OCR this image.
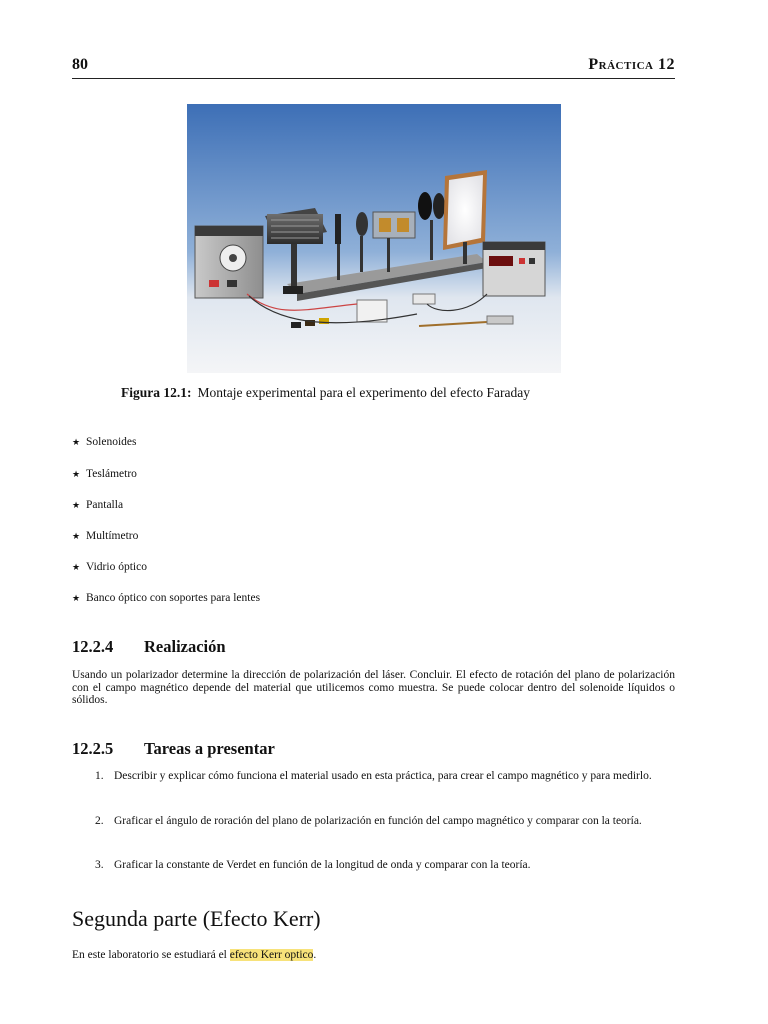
80	Práctica 12
Figura 12.1: Montaje experimental para el experimento del efecto Faraday
★ Solenoides
★ Teslámetro
★ Pantalla
★ Multímetro
★ Vidrio óptico
★ Banco óptico con soportes para lentes
12.2.4 Realización
Usando un polarizador determine la dirección de polarización del láser. Concluir. El efecto de rotación del plano de polarización con el campo magnético depende del material que utilicemos como muestra. Se puede colocar dentro del solenoide líquidos o sólidos.
12.2.5 Tareas a presentar
1. Describir y explicar cómo funciona el material usado en esta práctica, para crear el campo magnético y para medirlo.
2. Graficar el ángulo de roración del plano de polarización en función del campo magnético y comparar con la teoría.
3. Graficar la constante de Verdet en función de la longitud de onda y comparar con la teoría.
Segunda parte (Efecto Kerr)
En este laboratorio se estudiará el efecto Kerr optico.
